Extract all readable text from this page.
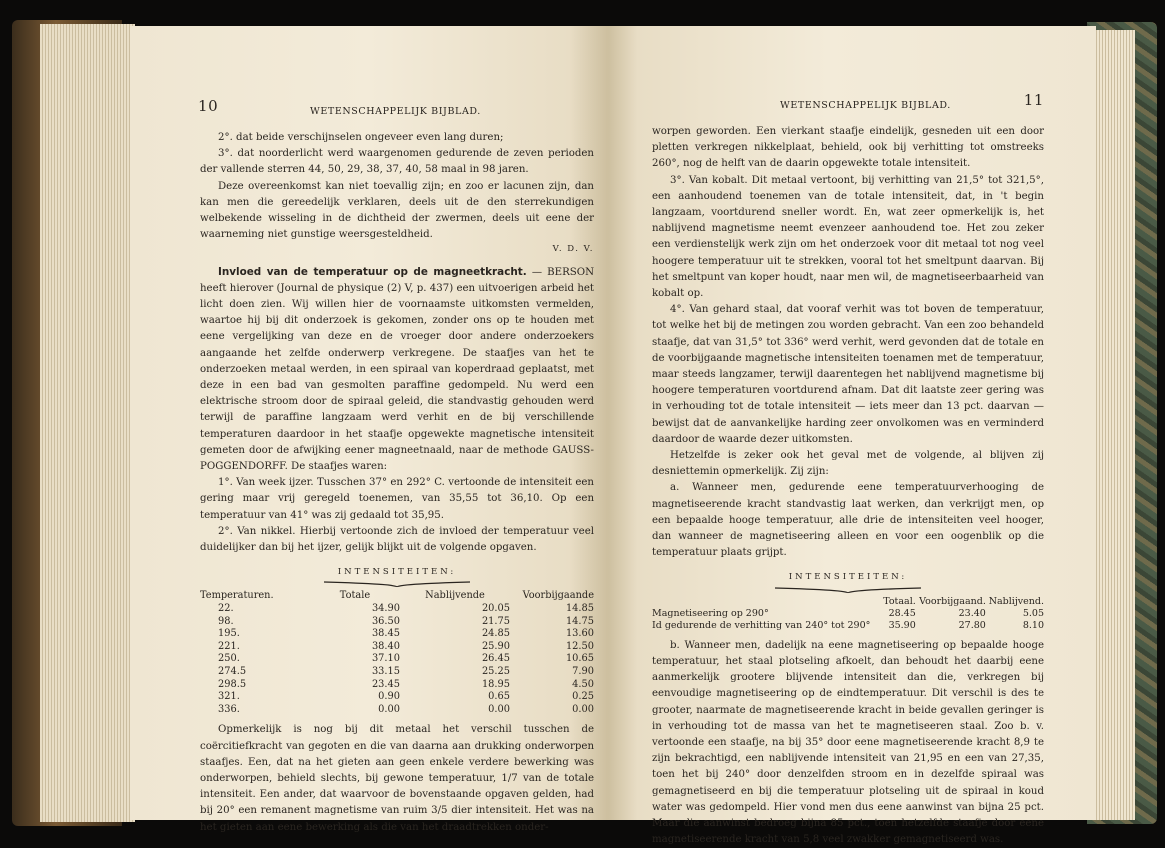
10	WETENSCHAPPELIJK BIJBLAD.

2°. dat beide verschijnselen ongeveer even lang duren;

3°. dat noorderlicht werd waargenomen gedurende de zeven perioden der vallende sterren 44, 50, 29, 38, 37, 40, 58 maal in 98 jaren.

Deze overeenkomst kan niet toevallig zijn; en zoo er lacunen zijn, dan kan men die gereedelijk verklaren, deels uit de den sterrekundigen welbekende wisseling in de dichtheid der zwermen, deels uit eene der waarneming niet gunstige weersgesteldheid.

V. D. V.

Invloed van de temperatuur op de magneetkracht. — BERSON heeft hierover (Journal de physique (2) V, p. 437) een uitvoerigen arbeid het licht doen zien. Wij willen hier de voornaamste uitkomsten vermelden, waartoe hij bij dit onderzoek is gekomen, zonder ons op te houden met eene vergelijking van deze en de vroeger door andere onderzoekers aangaande het zelfde onderwerp verkregene. De staafjes van het te onderzoeken metaal werden, in een spiraal van koperdraad geplaatst, met deze in een bad van gesmolten paraffine gedompeld. Nu werd een elektrische stroom door de spiraal geleid, die standvastig gehouden werd terwijl de paraffine langzaam werd verhit en de bij verschillende temperaturen daardoor in het staafje opgewekte magnetische intensiteit gemeten door de afwijking eener magneetnaald, naar de methode GAUSS-POGGENDORFF. De staafjes waren:

1°. Van week ijzer. Tusschen 37° en 292° C. vertoonde de intensiteit een gering maar vrij geregeld toenemen, van 35,55 tot 36,10. Op een temperatuur van 41° was zij gedaald tot 35,95.

2°. Van nikkel. Hierbij vertoonde zich de invloed der temperatuur veel duidelijker dan bij het ijzer, gelijk blijkt uit de volgende opgaven.

INTENSITEITEN:
Temperaturen.	Totale	Nablijvende	Voorbijgaande
22.	34.90	20.05	14.85
98.	36.50	21.75	14.75
195.	38.45	24.85	13.60
221.	38.40	25.90	12.50
250.	37.10	26.45	10.65
274.5	33.15	25.25	7.90
298.5	23.45	18.95	4.50
321.	0.90	0.65	0.25
336.	0.00	0.00	0.00

Opmerkelijk is nog bij dit metaal het verschil tusschen de coërcitiefkracht van gegoten en die van daarna aan drukking onderworpen staafjes. Een, dat na het gieten aan geen enkele verdere bewerking was onderworpen, behield slechts, bij gewone temperatuur, 1/7 van de totale intensiteit. Een ander, dat waarvoor de bovenstaande opgaven gelden, had bij 20° een remanent magnetisme van ruim 3/5 dier intensiteit. Het was na het gieten aan eene bewerking als die van het draadtrekken onder-

WETENSCHAPPELIJK BIJBLAD.	11

worpen geworden. Een vierkant staafje eindelijk, gesneden uit een door pletten verkregen nikkelplaat, behield, ook bij verhitting tot omstreeks 260°, nog de helft van de daarin opgewekte totale intensiteit.

3°. Van kobalt. Dit metaal vertoont, bij verhitting van 21,5° tot 321,5°, een aanhoudend toenemen van de totale intensiteit, dat, in 't begin langzaam, voortdurend sneller wordt. En, wat zeer opmerkelijk is, het nablijvend magnetisme neemt evenzeer aanhoudend toe. Het zou zeker een verdienstelijk werk zijn om het onderzoek voor dit metaal tot nog veel hoogere temperatuur uit te strekken, vooral tot het smeltpunt daarvan. Bij het smeltpunt van koper houdt, naar men wil, de magnetiseerbaarheid van kobalt op.

4°. Van gehard staal, dat vooraf verhit was tot boven de temperatuur, tot welke het bij de metingen zou worden gebracht. Van een zoo behandeld staafje, dat van 31,5° tot 336° werd verhit, werd gevonden dat de totale en de voorbijgaande magnetische intensiteiten toenamen met de temperatuur, maar steeds langzamer, terwijl daarentegen het nablijvend magnetisme bij hoogere temperaturen voortdurend afnam. Dat dit laatste zeer gering was in verhouding tot de totale intensiteit — iets meer dan 13 pct. daarvan — bewijst dat de aanvankelijke harding zeer onvolkomen was en verminderd daardoor de waarde dezer uitkomsten.

Hetzelfde is zeker ook het geval met de volgende, al blijven zij desniettemin opmerkelijk. Zij zijn:

a. Wanneer men, gedurende eene temperatuurverhooging de magnetiseerende kracht standvastig laat werken, dan verkrijgt men, op een bepaalde hooge temperatuur, alle drie de intensiteiten veel hooger, dan wanneer de magnetiseering alleen en voor een oogenblik op die temperatuur plaats grijpt.

INTENSITEITEN:
	Totaal.	Voorbijgaand.	Nablijvend.
Magnetiseering op 290°	28.45	23.40	5.05
Id gedurende de verhitting van 240° tot 290°	35.90	27.80	8.10

b. Wanneer men, dadelijk na eene magnetiseering op bepaalde hooge temperatuur, het staal plotseling afkoelt, dan behoudt het daarbij eene aanmerkelijk grootere blijvende intensiteit dan die, verkregen bij eenvoudige magnetiseering op de eindtemperatuur. Dit verschil is des te grooter, naarmate de magnetiseerende kracht in beide gevallen geringer is in verhouding tot de massa van het te magnetiseeren staal. Zoo b. v. vertoonde een staafje, na bij 35° door eene magnetiseerende kracht 8,9 te zijn bekrachtigd, een nablijvende intensiteit van 21,95 en een van 27,35, toen het bij 240° door denzelfden stroom en in dezelfde spiraal was gemagnetiseerd en bij die temperatuur plotseling uit de spiraal in koud water was gedompeld. Hier vond men dus eene aanwinst van bijna 25 pct. Maar die aanwinst bedroeg bijna 85 pct., toen hetzelfde staafje door eene magnetiseerende kracht van 5,8 veel zwakker gemagnetiseerd was.
